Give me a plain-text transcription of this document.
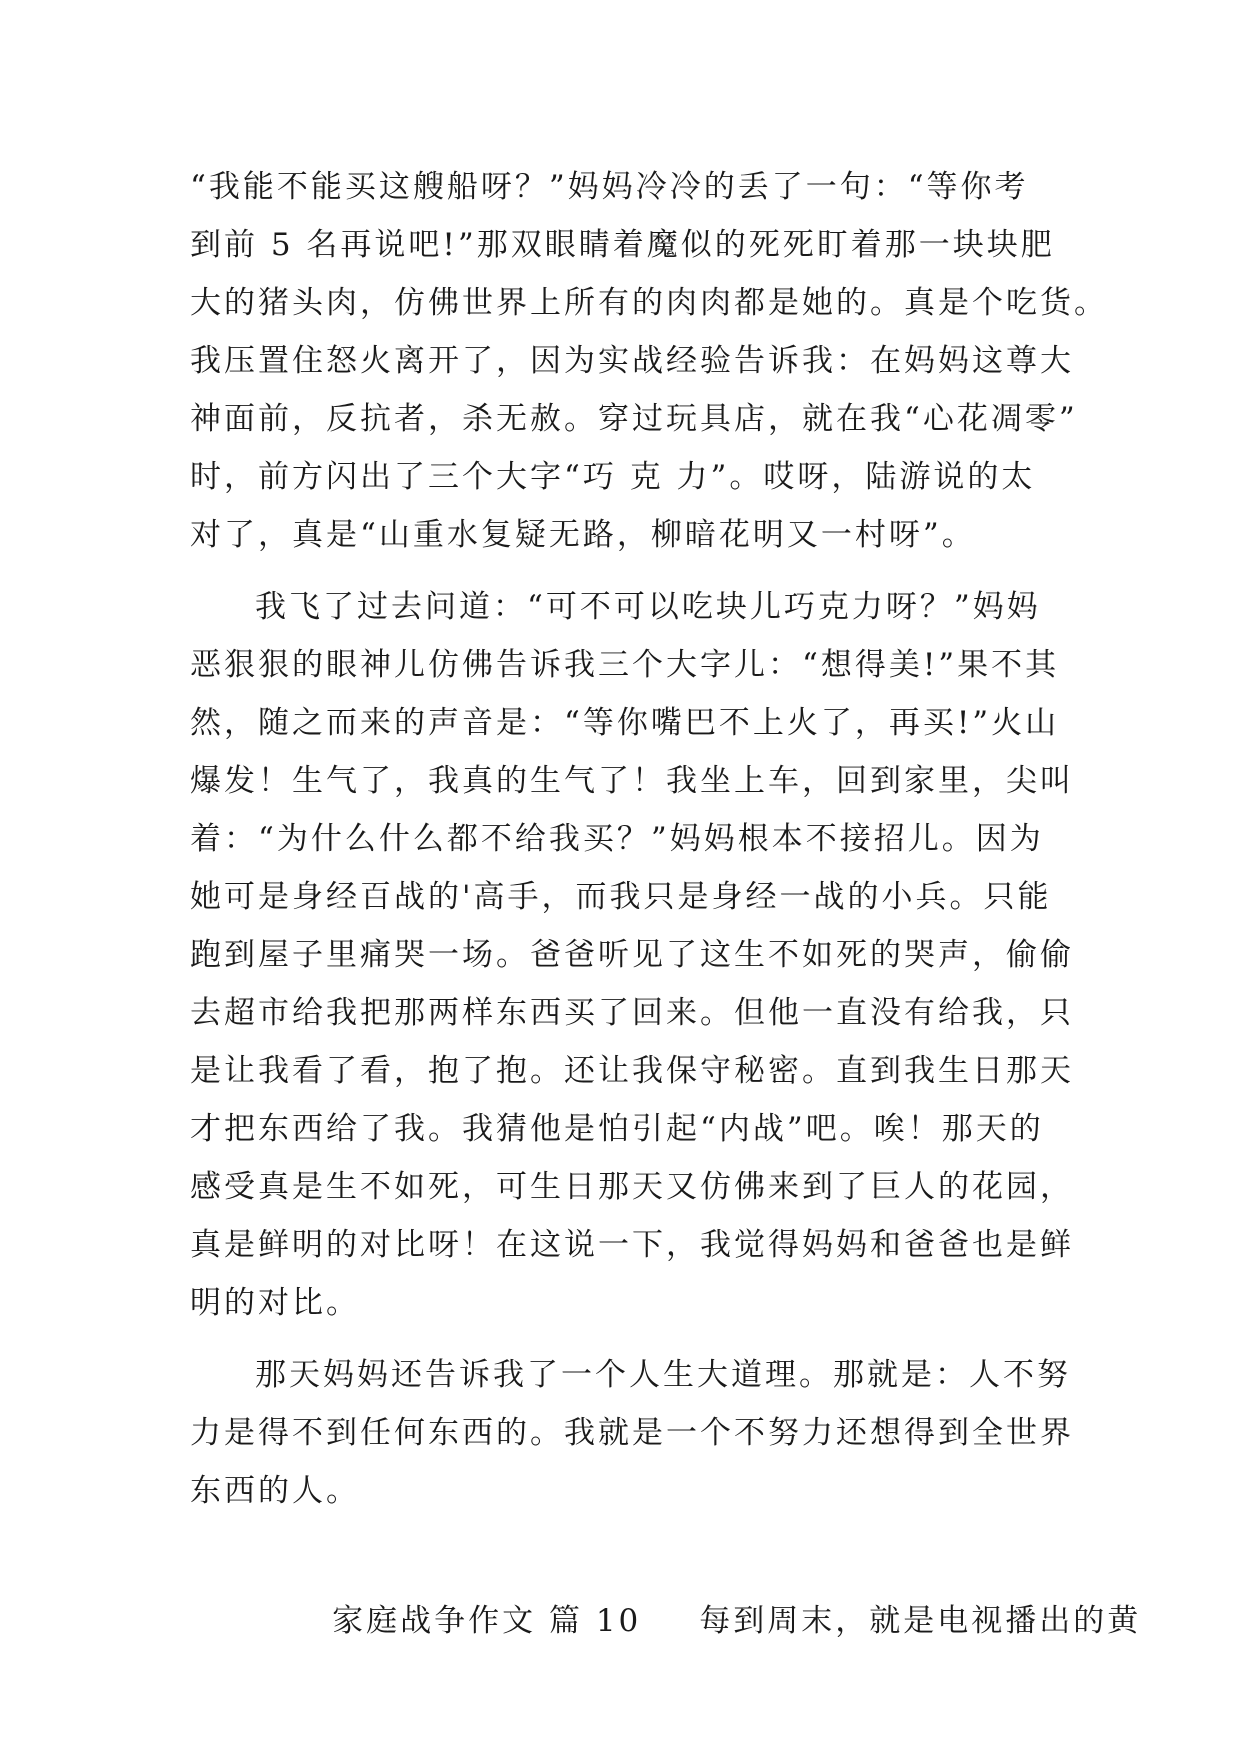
“我能不能买这艘船呀？”妈妈冷冷的丢了一句：“等你考
到前 5 名再说吧!”那双眼睛着魔似的死死盯着那一块块肥
大的猪头肉，仿佛世界上所有的肉肉都是她的。真是个吃货。
我压置住怒火离开了，因为实战经验告诉我：在妈妈这尊大
神面前，反抗者，杀无赦。穿过玩具店，就在我“心花凋零”
时，前方闪出了三个大字“巧 克 力”。哎呀，陆游说的太
对了，真是“山重水复疑无路，柳暗花明又一村呀”。
我飞了过去问道：“可不可以吃块儿巧克力呀？”妈妈
恶狠狠的眼神儿仿佛告诉我三个大字儿：“想得美!”果不其
然，随之而来的声音是：“等你嘴巴不上火了，再买!”火山
爆发！生气了，我真的生气了！我坐上车，回到家里，尖叫
着：“为什么什么都不给我买？”妈妈根本不接招儿。因为
她可是身经百战的'高手，而我只是身经一战的小兵。只能
跑到屋子里痛哭一场。爸爸听见了这生不如死的哭声，偷偷
去超市给我把那两样东西买了回来。但他一直没有给我，只
是让我看了看，抱了抱。还让我保守秘密。直到我生日那天
才把东西给了我。我猜他是怕引起“内战”吧。唉！那天的
感受真是生不如死，可生日那天又仿佛来到了巨人的花园，
真是鲜明的对比呀！在这说一下，我觉得妈妈和爸爸也是鲜
明的对比。
那天妈妈还告诉我了一个人生大道理。那就是：人不努
力是得不到任何东西的。我就是一个不努力还想得到全世界
东西的人。

家庭战争作文 篇 10 每到周末，就是电视播出的黄
